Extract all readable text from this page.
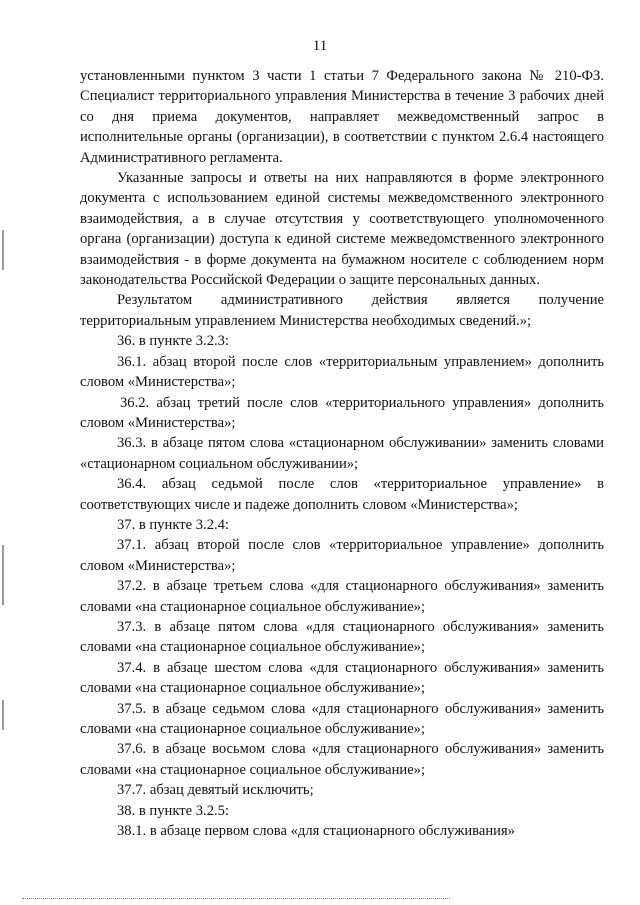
11

установленными пунктом 3 части 1 статьи 7 Федерального закона № 210-ФЗ. Специалист территориального управления Министерства в течение 3 рабочих дней со дня приема документов, направляет межведомственный запрос в исполнительные органы (организации), в соответствии с пунктом 2.6.4 настоящего Административного регламента.

Указанные запросы и ответы на них направляются в форме электронного документа с использованием единой системы межведомственного электронного взаимодействия, а в случае отсутствия у соответствующего уполномоченного органа (организации) доступа к единой системе межведомственного электронного взаимодействия - в форме документа на бумажном носителе с соблюдением норм законодательства Российской Федерации о защите персональных данных.

Результатом административного действия является получение территориальным управлением Министерства необходимых сведений.»;

36. в пункте 3.2.3:

36.1. абзац второй после слов «территориальным управлением» дополнить словом «Министерства»;

36.2. абзац третий после слов «территориального управления» дополнить словом «Министерства»;

36.3. в абзаце пятом слова «стационарном обслуживании» заменить словами «стационарном социальном обслуживании»;

36.4. абзац седьмой после слов «территориальное управление» в соответствующих числе и падеже дополнить словом «Министерства»;

37. в пункте 3.2.4:

37.1. абзац второй после слов «территориальное управление» дополнить словом «Министерства»;

37.2. в абзаце третьем слова «для стационарного обслуживания» заменить словами «на стационарное социальное обслуживание»;

37.3. в абзаце пятом слова «для стационарного обслуживания» заменить словами «на стационарное социальное обслуживание»;

37.4. в абзаце шестом слова «для стационарного обслуживания» заменить словами «на стационарное социальное обслуживание»;

37.5. в абзаце седьмом слова «для стационарного обслуживания» заменить словами «на стационарное социальное обслуживание»;

37.6. в абзаце восьмом слова «для стационарного обслуживания» заменить словами «на стационарное социальное обслуживание»;

37.7. абзац девятый исключить;

38. в пункте 3.2.5:

38.1. в абзаце первом слова «для стационарного обслуживания»
